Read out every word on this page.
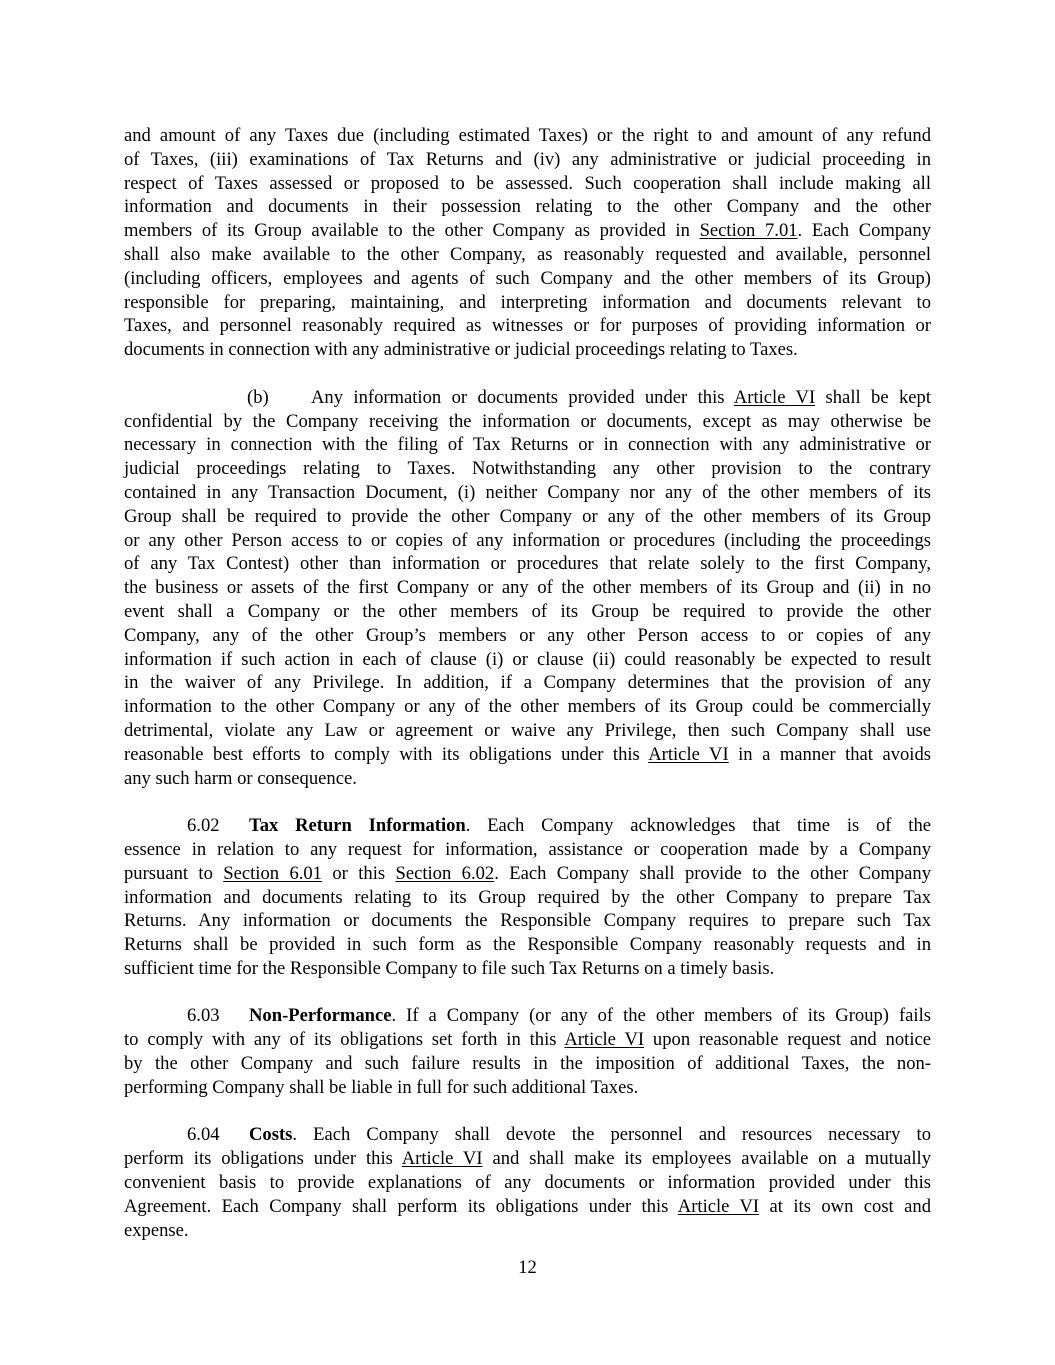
and amount of any Taxes due (including estimated Taxes) or the right to and amount of any refund
of Taxes, (iii) examinations of Tax Returns and (iv) any administrative or judicial proceeding in
respect of Taxes assessed or proposed to be assessed. Such cooperation shall include making all
information and documents in their possession relating to the other Company and the other
members of its Group available to the other Company as provided in Section 7.01. Each Company
shall also make available to the other Company, as reasonably requested and available, personnel
(including officers, employees and agents of such Company and the other members of its Group)
responsible for preparing, maintaining, and interpreting information and documents relevant to
Taxes, and personnel reasonably required as witnesses or for purposes of providing information or
documents in connection with any administrative or judicial proceedings relating to Taxes.
(b) Any information or documents provided under this Article VI shall be kept
confidential by the Company receiving the information or documents, except as may otherwise be
necessary in connection with the filing of Tax Returns or in connection with any administrative or
judicial proceedings relating to Taxes. Notwithstanding any other provision to the contrary
contained in any Transaction Document, (i) neither Company nor any of the other members of its
Group shall be required to provide the other Company or any of the other members of its Group
or any other Person access to or copies of any information or procedures (including the proceedings
of any Tax Contest) other than information or procedures that relate solely to the first Company,
the business or assets of the first Company or any of the other members of its Group and (ii) in no
event shall a Company or the other members of its Group be required to provide the other
Company, any of the other Group’s members or any other Person access to or copies of any
information if such action in each of clause (i) or clause (ii) could reasonably be expected to result
in the waiver of any Privilege. In addition, if a Company determines that the provision of any
information to the other Company or any of the other members of its Group could be commercially
detrimental, violate any Law or agreement or waive any Privilege, then such Company shall use
reasonable best efforts to comply with its obligations under this Article VI in a manner that avoids
any such harm or consequence.
6.02 Tax Return Information. Each Company acknowledges that time is of the
essence in relation to any request for information, assistance or cooperation made by a Company
pursuant to Section 6.01 or this Section 6.02. Each Company shall provide to the other Company
information and documents relating to its Group required by the other Company to prepare Tax
Returns. Any information or documents the Responsible Company requires to prepare such Tax
Returns shall be provided in such form as the Responsible Company reasonably requests and in
sufficient time for the Responsible Company to file such Tax Returns on a timely basis.
6.03 Non-Performance. If a Company (or any of the other members of its Group) fails
to comply with any of its obligations set forth in this Article VI upon reasonable request and notice
by the other Company and such failure results in the imposition of additional Taxes, the non-
performing Company shall be liable in full for such additional Taxes.
6.04 Costs. Each Company shall devote the personnel and resources necessary to
perform its obligations under this Article VI and shall make its employees available on a mutually
convenient basis to provide explanations of any documents or information provided under this
Agreement. Each Company shall perform its obligations under this Article VI at its own cost and
expense.
12
